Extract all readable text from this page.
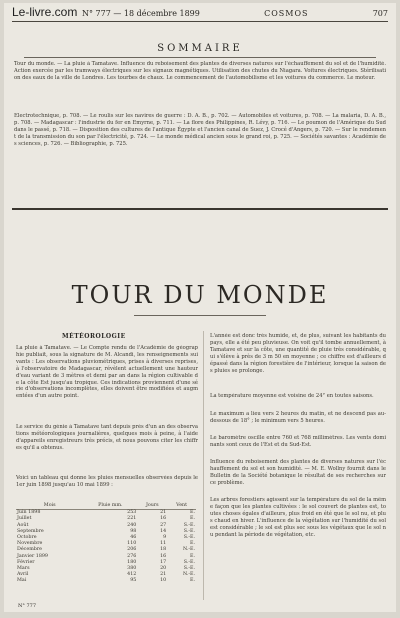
Le-livre.com N° 777 — 18 décembre 1899	COSMOS	707
SOMMAIRE
Tour du monde. — La pluie à Tamatave. Influence du reboisement des plantes de diverses natures sur l'échauffement du sol et de l'humidité. Action exercée par les tramways électriques sur les signaux magnétiques. Utilisation des chutes du Niagara. Voitures électriques. Stérilisation des eaux de la ville de Londres. Les tourbes de chaux. Le commencement de l'automobilisme et les voitures du commerce. Le moteur.
Électrotechnique, p. 708. — Le roulis sur les navires de guerre : D. A. B., p. 702. — Automobiles et voitures, p. 708. — La malaria, D. A. B., p. 708. — Madagascar : l'industrie du fer en Emyrne, p. 711. — La flore des Philippines, R. Lévy, p. 716. — Le poumon de l'Amérique du Sud dans le passé, p. 718. — Disposition des cultures de l'antique Égypte et l'ancien canal de Suez, J. Crocé d'Angers, p. 720. — Sur le rendement de la transmission du son par l'électricité, p. 724. — Le monde médical ancien sous le grand roi, p. 725. — Sociétés savantes : Académie des sciences, p. 726. — Bibliographie, p. 725.
TOUR DU MONDE
MÉTÉOROLOGIE
La pluie à Tamatave. — Le Compte rendu de l'Académie de géographie publiait, sous la signature de M. Alcandi, les renseignements suivants : Les observations pluviométriques, prises à diverses reprises, à l'observatoire de Madagascar, révèlent actuellement une hauteur d'eau variant de 3 mètres et demi par an dans la région cultivable de la côte Est jusqu'au tropique. Ces indications proviennent d'une série d'observations incomplètes, elles doivent être modifiées et augmentées d'un autre point.
Le service du génie à Tamatave tant depuis près d'un an des observations météorologiques journalières, quelques mois à peine, à l'aide d'appareils enregistreurs très précis, et nous pouvons citer les chiffres qu'il a obtenus.
Voici un tableau qui donne les pluies mensuelles observées depuis le 1er juin 1898 jusqu'au 10 mai 1899 :
Mois	Pluie mm.	Jours	Vent
Juin 1898	253	21	E.
Juillet	221	16	E.
Août	240	27	S.-E.
Septembre	98	14	S.-E.
Octobre	46	9	S.-E.
Novembre	110	11	E.
Décembre	206	18	N.-E.
Janvier 1899	276	16	E.
Février	180	17	S.-E.
Mars	380	20	S.-E.
Avril	412	21	N.-E.
Mai	95	10	E.
L'année est donc très humide, et, de plus, suivant les habitants du pays, elle a été peu pluvieuse. On voit qu'il tombe annuellement, à Tamatave et sur la côte, une quantité de pluie très considérable, qui s'élève à près de 3 m 50 en moyenne ; ce chiffre est d'ailleurs dépassé dans la région forestière de l'intérieur, lorsque la saison des pluies se prolonge.
La température moyenne est voisine de 24° en toutes saisons.
Le maximum a lieu vers 2 heures du matin, et ne descend pas au-dessous de 18° ; le minimum vers 5 heures.
Le baromètre oscille entre 760 et 768 millimètres. Les vents dominants sont ceux de l'Est et du Sud-Est.
Influence du reboisement des plantes de diverses natures sur l'échauffement du sol et son humidité. — M. E. Wollny fournit dans le Bulletin de la Société botanique le résultat de ses recherches sur ce problème.
Les arbres forestiers agissent sur la température du sol de la même façon que les plantes cultivées : le sol couvert de plantes est, toutes choses égales d'ailleurs, plus froid en été que le sol nu, et plus chaud en hiver. L'influence de la végétation sur l'humidité du sol est considérable ; le sol est plus sec sous les végétaux que le sol nu pendant la période de végétation, etc.
N° 777
